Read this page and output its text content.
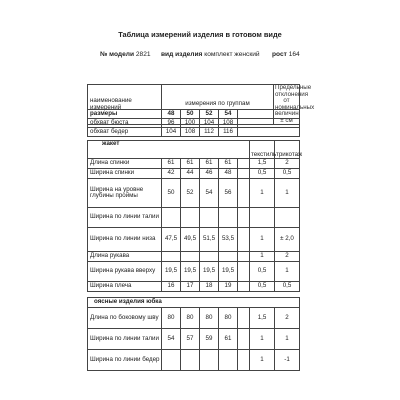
Таблица измерений изделия в готовом виде
№ модели 2821 вид изделия комплект женский рост 164
наименование измерений	измерения по группам	Предельные отклонения от номинальных величин, ± см
размеры	48	50	52	54	
обхват бюста	96	100	104	108	
обхват бедер	104	108	112	116	
жакет						текстиль	трикотаж
Длина спинки	61	61	61	61		1,5	2
Ширина спинки	42	44	46	48		0,5	0,5
Ширина на уровне глубины проймы	50	52	54	56		1	1
Ширина по линии талии							
Ширина по линии низа	47,5	49,5	51,5	53,5		1	± 2,0
Длина рукава						1	2
Ширина рукава вверху	19,5	19,5	19,5	19,5		0,5	1
Ширина плеча	16	17	18	19		0,5	0,5
оясные изделия юбка							
Длина по боковому шву	80	80	80	80		1,5	2
Ширина по линии талии	54	57	59	61		1	1
Ширина по линии бедер						1	-1
